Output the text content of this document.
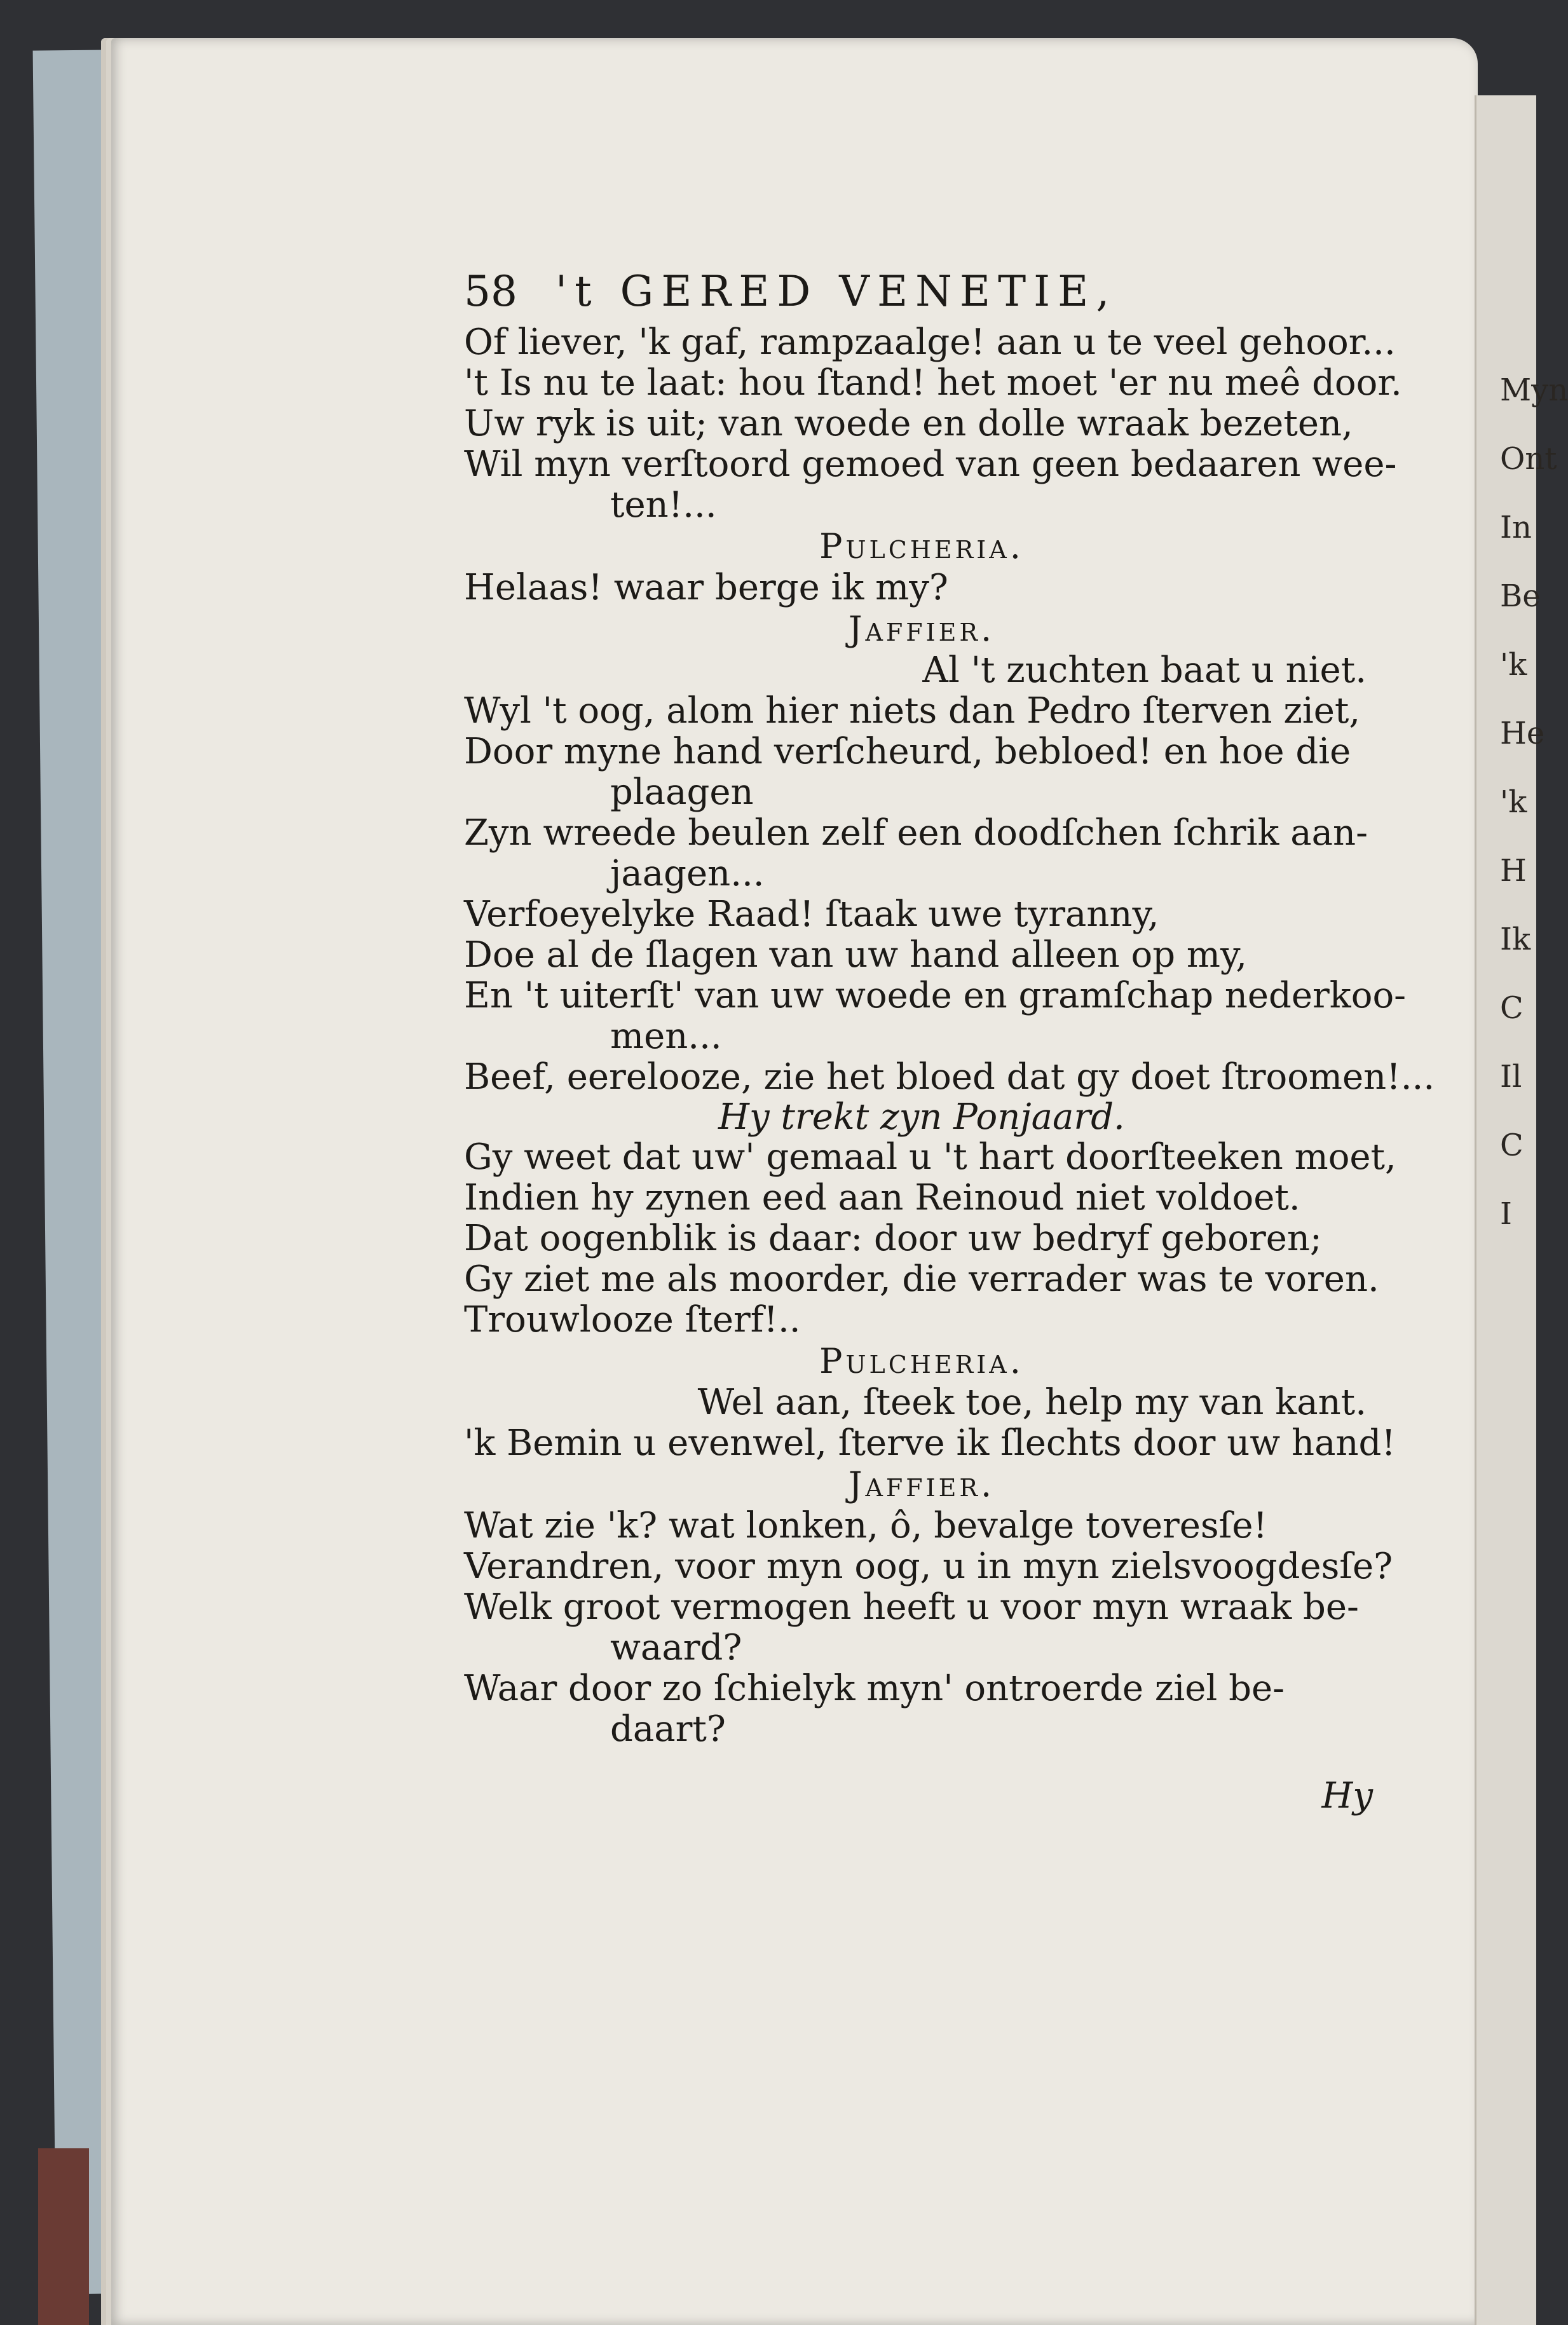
Myn
Ont
In
Be
'k
He
'k
H
Ik
C
Il
C
I
58 't GERED VENETIE,
Of liever, 'k gaf, rampzaalge! aan u te veel gehoor...
't Is nu te laat: hou ſtand! het moet 'er nu meê door.
Uw ryk is uit; van woede en dolle wraak bezeten,
Wil myn verſtoord gemoed van geen bedaaren wee-
ten!...
Pulcheria.
Helaas! waar berge ik my?
Jaffier.
Al 't zuchten baat u niet.
Wyl 't oog, alom hier niets dan Pedro ſterven ziet,
Door myne hand verſcheurd, bebloed! en hoe die
plaagen
Zyn wreede beulen zelf een doodſchen ſchrik aan-
jaagen...
Verfoeyelyke Raad! ſtaak uwe tyranny,
Doe al de ſlagen van uw hand alleen op my,
En 't uiterſt' van uw woede en gramſchap nederkoo-
men...
Beef, eerelooze, zie het bloed dat gy doet ſtroomen!...
Hy trekt zyn Ponjaard.
Gy weet dat uw' gemaal u 't hart doorſteeken moet,
Indien hy zynen eed aan Reinoud niet voldoet.
Dat oogenblik is daar: door uw bedryf geboren;
Gy ziet me als moorder, die verrader was te voren.
Trouwlooze ſterf!..
Pulcheria.
Wel aan, ſteek toe, help my van kant.
'k Bemin u evenwel, ſterve ik ſlechts door uw hand!
Jaffier.
Wat zie 'k? wat lonken, ô, bevalge toveresſe!
Verandren, voor myn oog, u in myn zielsvoogdesſe?
Welk groot vermogen heeft u voor myn wraak be-
waard?
Waar door zo ſchielyk myn' ontroerde ziel be-
daart?
Hy
